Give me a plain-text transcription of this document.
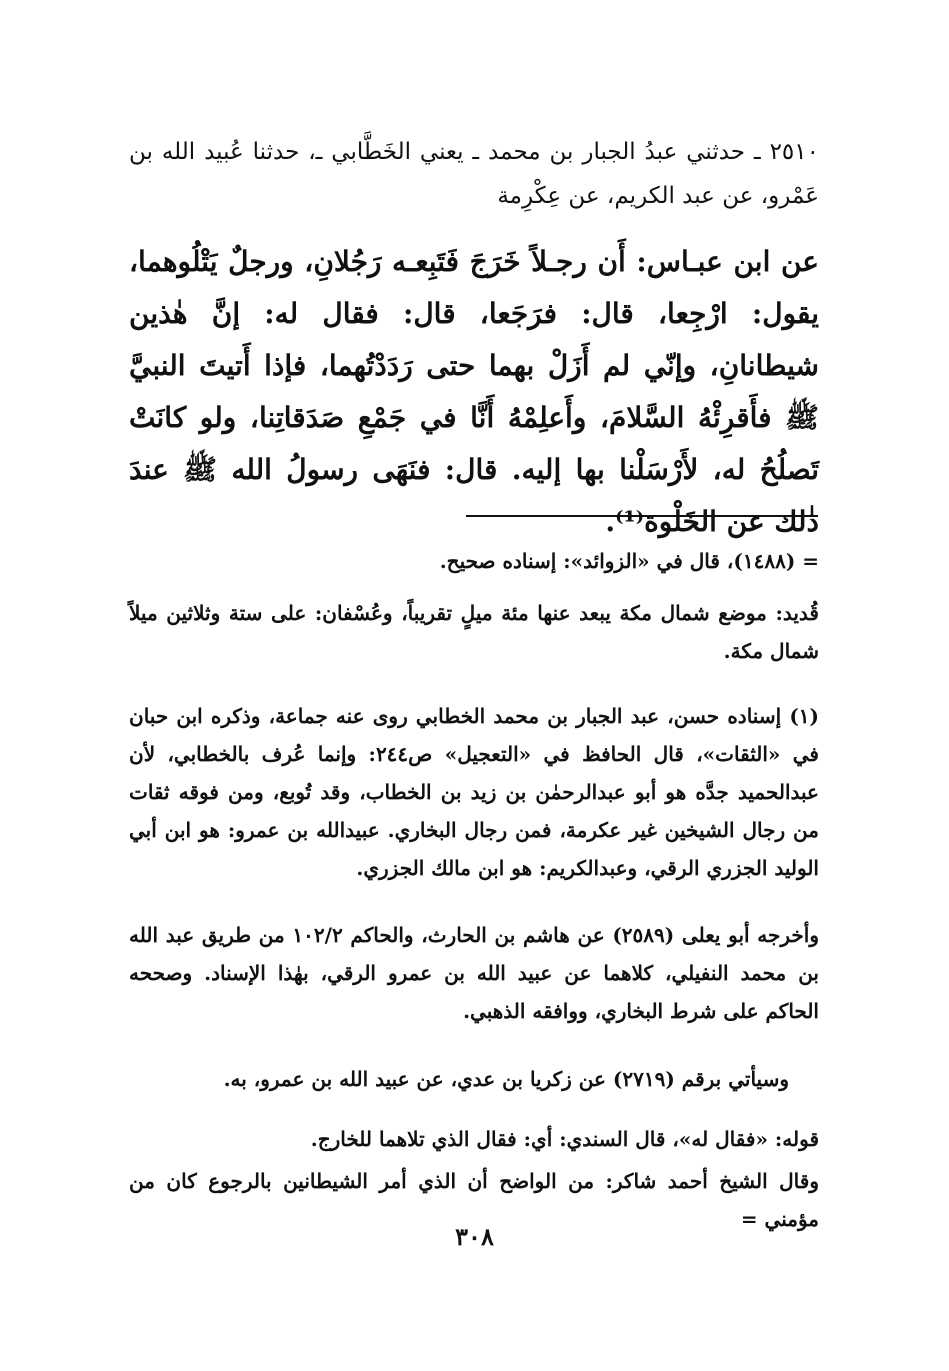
٢٥١٠ ـ حدثني عبدُ الجبار بن محمد ـ يعني الخَطَّابي ـ، حدثنا عُبيد الله بن عَمْرو، عن عبد الكريم، عن عِكْرِمة

عن ابن عبـاس: أَن رجـلاً خَرَجَ فَتَبِعـه رَجُلانِ، ورجلٌ يَتْلُوهما، يقول: ارْجِعا، قال: فرَجَعا، قال: فقال له: إنَّ هٰذين شيطانانِ، وإنّي لم أَزَلْ بهما حتى رَدَدْتُهما، فإذا أَتيتَ النبيَّ ﷺ فأَقرِئْهُ السَّلامَ، وأَعلِمْهُ أَنَّا في جَمْعِ صَدَقاتِنا، ولو كانَتْ تَصلُحُ له، لأَرْسَلْنا بها إليه. قال: فنَهَى رسولُ الله ﷺ عندَ ذٰلك عن الخَلْوة⁽¹⁾.

= (١٤٨٨)، قال في «الزوائد»: إسناده صحيح.

قُديد: موضع شمال مكة يبعد عنها مئة ميلٍ تقريباً، وعُسْفان: على ستة وثلاثين ميلاً شمال مكة.

(١) إسناده حسن، عبد الجبار بن محمد الخطابي روى عنه جماعة، وذكره ابن حبان في «الثقات»، قال الحافظ في «التعجيل» ص٢٤٤: وإنما عُرف بالخطابي، لأن عبدالحميد جدَّه هو أبو عبدالرحمٰن بن زيد بن الخطاب، وقد تُوبع، ومن فوقه ثقات من رجال الشيخين غير عكرمة، فمن رجال البخاري. عبيدالله بن عمرو: هو ابن أبي الوليد الجزري الرقي، وعبدالكريم: هو ابن مالك الجزري.

وأخرجه أبو يعلى (٢٥٨٩) عن هاشم بن الحارث، والحاكم ١٠٢/٢ من طريق عبد الله بن محمد النفيلي، كلاهما عن عبيد الله بن عمرو الرقي، بهٰذا الإسناد. وصححه الحاكم على شرط البخاري، ووافقه الذهبي.

وسيأتي برقم (٢٧١٩) عن زكريا بن عدي، عن عبيد الله بن عمرو، به.

قوله: «فقال له»، قال السندي: أي: فقال الذي تلاهما للخارج.

وقال الشيخ أحمد شاكر: من الواضح أن الذي أمر الشيطانين بالرجوع كان من مؤمني =

٣٠٨
